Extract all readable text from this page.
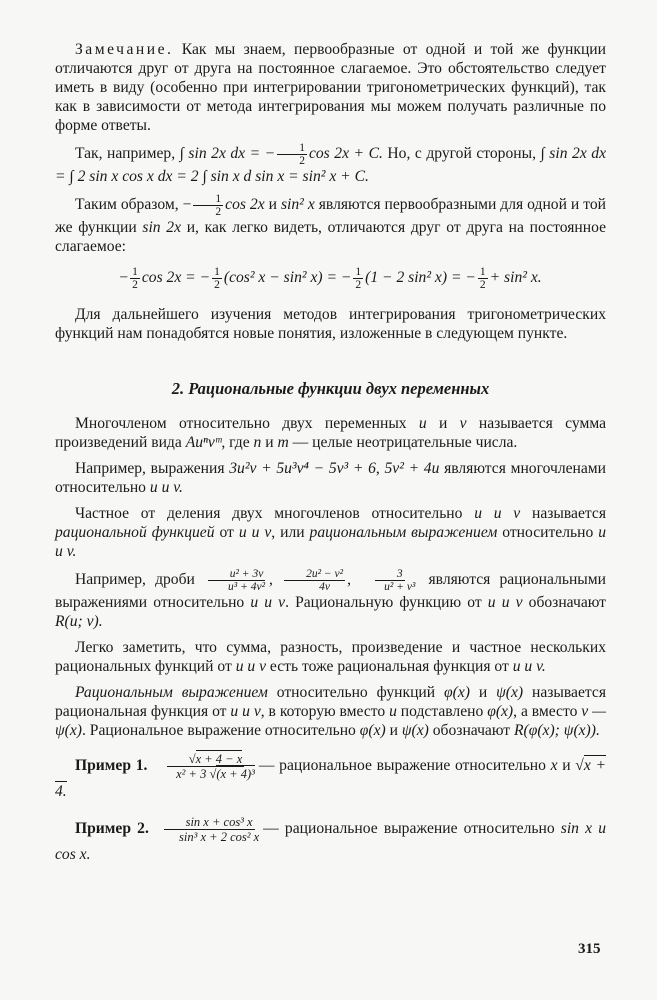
Замечание. Как мы знаем, первообразные от одной и той же функции отличаются друг от друга на постоянное слагаемое. Это обстоятельство следует иметь в виду (особенно при интегрировании тригонометрических функций), так как в зависимости от метода интегрирования мы можем получать различные по форме ответы.

Так, например, ∫ sin 2x dx = − $\frac{1}{2}$ cos 2x + C. Но, с другой стороны, ∫ sin 2x dx = ∫ 2 sin x cos x dx = 2 ∫ sin x d sin x = sin² x + C.

Таким образом, − $\frac{1}{2}$ cos 2x и sin² x являются первообразными для одной и той же функции sin 2x и, как легко видеть, отличаются друг от друга на постоянное слагаемое:

− $\frac{1}{2}$ cos 2x = − $\frac{1}{2} (\cos^2$ x − sin² x) = − $\frac{1}{2} (1 - 2$ sin² x) = − $\frac{1}{2} + \sin^2$ x.

Для дальнейшего изучения методов интегрирования тригонометрических функций нам понадобятся новые понятия, изложенные в следующем пункте.

2. Рациональные функции двух переменных

Многочленом относительно двух переменных u и v называется сумма произведений вида Auⁿvᵐ, где n и m — целые неотрицательные числа.

Например, выражения 3u²v + 5u³v⁴ − 5v³ + 6, 5v² + 4u являются многочленами относительно u и v.

Частное от деления двух многочленов относительно u и v называется рациональной функцией от u и v, или рациональным выражением относительно u и v.

Например, дроби $\frac{\text{u² + 3v}}{\text{u³ + 4v²}}$ , $\frac{\text{2u² − v²}}{4v}$ , $\frac{3}{\text{u² + v³}}$ являются рациональными выражениями относительно u и v. Рациональную функцию от u и v обозначают R(u; v).

Легко заметить, что сумма, разность, произведение и частное нескольких рациональных функций от u и v есть тоже рациональная функция от u и v.

Рациональным выражением относительно функций φ(x) и ψ(x) называется рациональная функция от u и v, в которую вместо u подставлено φ(x), а вместо v — ψ(x). Рациональное выражение относительно φ(x) и ψ(x) обозначают R(φ(x); ψ(x)).

Пример 1. $\frac{√x + 4 - x}{\text{x² + 3 √(x + 4)³}}$ — рациональное выражение относительно x и √x + 4.

Пример 2. $\frac{\text{sin x + cos³ x}}{\text{sin³ x + 2 cos² x}}$ — рациональное выражение относительно sin x и cos x.

315
